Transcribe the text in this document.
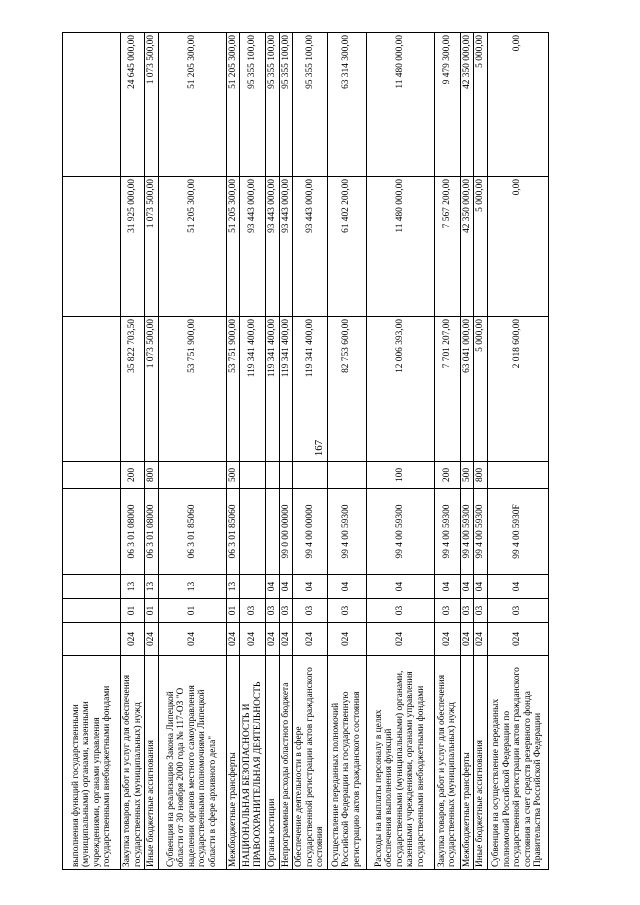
167
выполнения функций государственными (муниципальными) органами, казенными учреждениями, органами управления государственными внебюджетными фондами								
Закупка товаров, работ и услуг для обеспечения государственных (муниципальных) нужд	024	01	13	06 3 01 08000	200	35 822 703,50	31 925 000,00	24 645 000,00
Иные бюджетные ассигнования	024	01	13	06 3 01 08000	800	1 073 500,00	1 073 500,00	1 073 500,00
Субвенция на реализацию Закона Липецкой области от 30 ноября 2000 года № 117-ОЗ "О наделении органов местного самоуправления государственными полномочиями Липецкой области в сфере архивного дела"	024	01	13	06 3 01 85060		53 751 900,00	51 205 300,00	51 205 300,00
Межбюджетные трансферты	024	01	13	06 3 01 85060	500	53 751 900,00	51 205 300,00	51 205 300,00
НАЦИОНАЛЬНАЯ БЕЗОПАСНОСТЬ И ПРАВООХРАНИТЕЛЬНАЯ ДЕЯТЕЛЬНОСТЬ	024	03				119 341 400,00	93 443 000,00	95 355 100,00
Органы юстиции	024	03	04			119 341 400,00	93 443 000,00	95 355 100,00
Непрограммные расходы областного бюджета	024	03	04	99 0 00 00000		119 341 400,00	93 443 000,00	95 355 100,00
Обеспечение деятельности в сфере государственной регистрации актов гражданского состояния	024	03	04	99 4 00 00000		119 341 400,00	93 443 000,00	95 355 100,00
Осуществление переданных полномочий Российской Федерации на государственную регистрацию актов гражданского состояния	024	03	04	99 4 00 59300		82 753 600,00	61 402 200,00	63 314 300,00
Расходы на выплаты персоналу в целях обеспечения выполнения функций государственными (муниципальными) органами, казенными учреждениями, органами управления государственными внебюджетными фондами	024	03	04	99 4 00 59300	100	12 006 393,00	11 480 000,00	11 480 000,00
Закупка товаров, работ и услуг для обеспечения государственных (муниципальных) нужд	024	03	04	99 4 00 59300	200	7 701 207,00	7 567 200,00	9 479 300,00
Межбюджетные трансферты	024	03	04	99 4 00 59300	500	63 041 000,00	42 350 000,00	42 350 000,00
Иные бюджетные ассигнования	024	03	04	99 4 00 59300	800	5 000,00	5 000,00	5 000,00
Субвенция на осуществление переданных полномочий Российской Федерации по государственной регистрации актов гражданского состояния за счет средств резервного фонда Правительства Российской Федерации	024	03	04	99 4 00 5930F		2 018 600,00	0,00	0,00
